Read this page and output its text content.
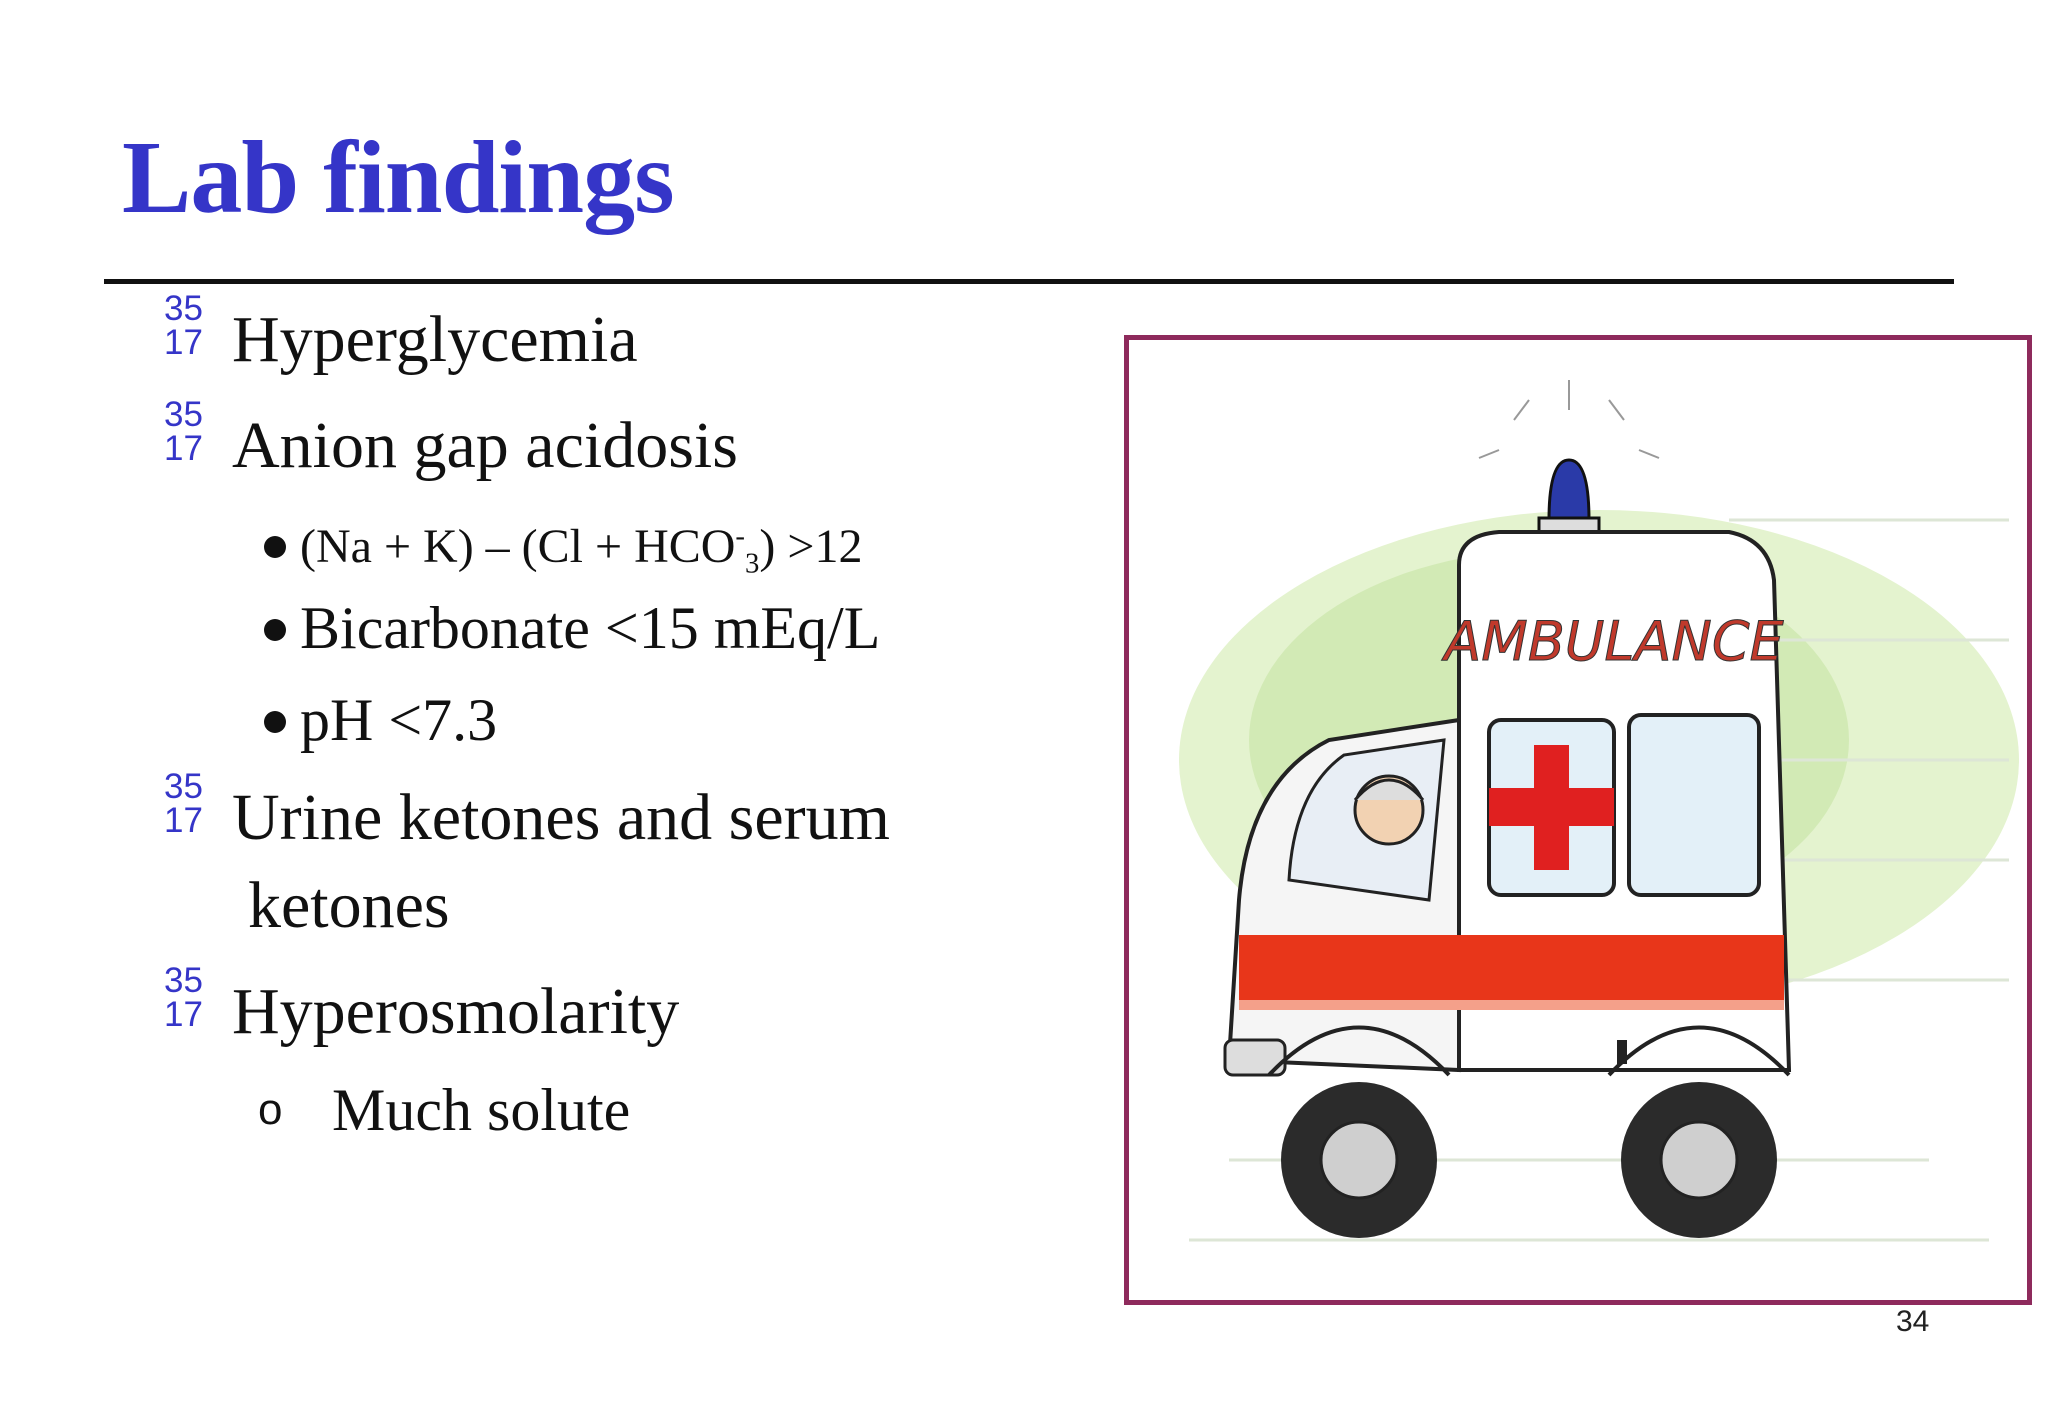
Lab findings
35
17 Hyperglycemia
35
17 Anion gap acidosis
$(Na + K) - (Cl + HCO^-_3) >12$
Bicarbonate <15 mEq/L
pH <7.3
35
17 Urine ketones and serum
ketones
35
17 Hyperosmolarity
o Much solute
AMBULANCE
34
